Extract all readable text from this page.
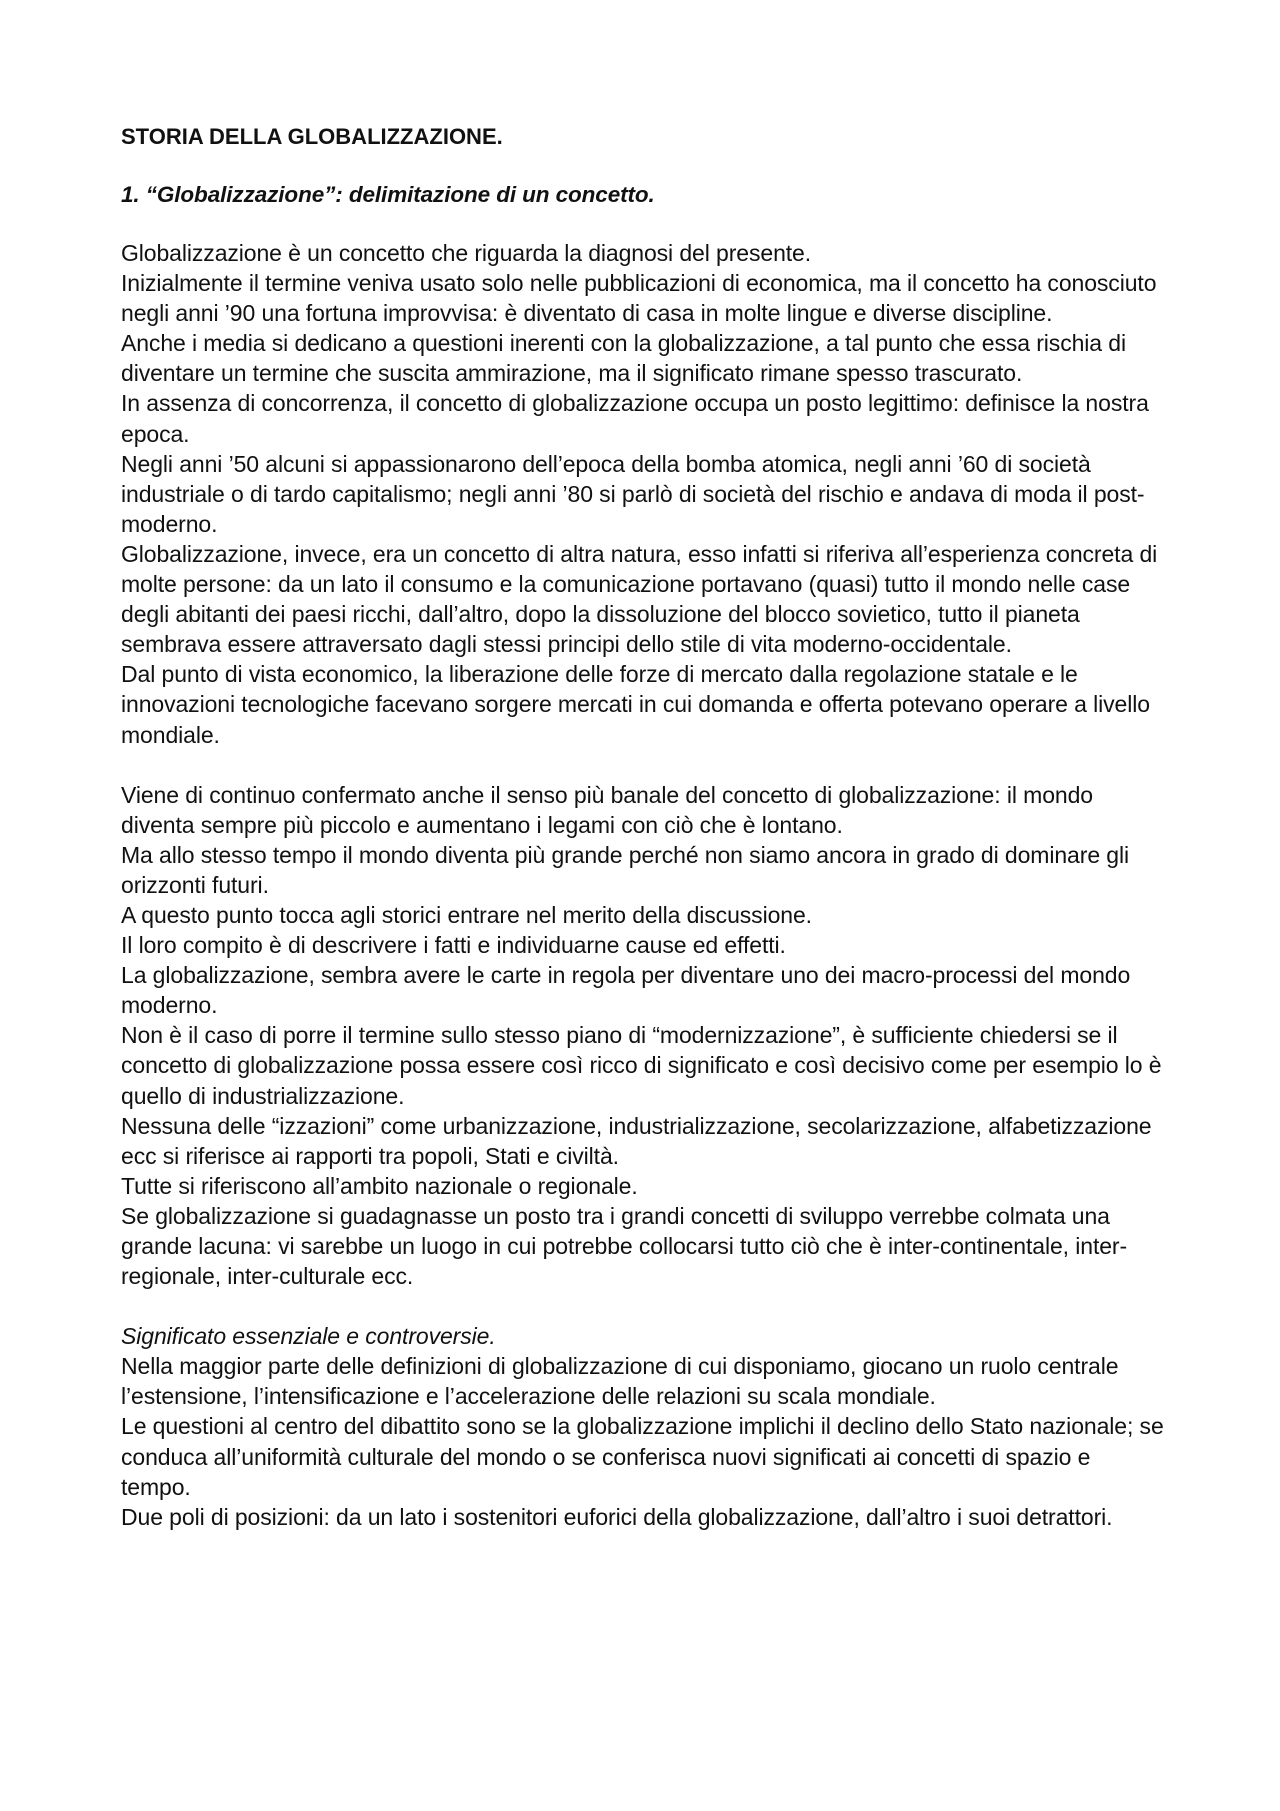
STORIA DELLA GLOBALIZZAZIONE.
1. “Globalizzazione”: delimitazione di un concetto.

Globalizzazione è un concetto che riguarda la diagnosi del presente.

Inizialmente il termine veniva usato solo nelle pubblicazioni di economica, ma il concetto ha conosciuto negli anni ’90 una fortuna improvvisa: è diventato di casa in molte lingue e diverse discipline.

Anche i media si dedicano a questioni inerenti con la globalizzazione, a tal punto che essa rischia di diventare un termine che suscita ammirazione, ma il significato rimane spesso trascurato.

In assenza di concorrenza, il concetto di globalizzazione occupa un posto legittimo: definisce la nostra epoca.

Negli anni ’50 alcuni si appassionarono dell’epoca della bomba atomica, negli anni ’60 di società industriale o di tardo capitalismo; negli anni ’80 si parlò di società del rischio e andava di moda il post-moderno.

Globalizzazione, invece, era un concetto di altra natura, esso infatti si riferiva all’esperienza concreta di molte persone: da un lato il consumo e la comunicazione portavano (quasi) tutto il mondo nelle case degli abitanti dei paesi ricchi, dall’altro, dopo la dissoluzione del blocco sovietico, tutto il pianeta sembrava essere attraversato dagli stessi principi dello stile di vita moderno-occidentale.

Dal punto di vista economico, la liberazione delle forze di mercato dalla regolazione statale e le innovazioni tecnologiche facevano sorgere mercati in cui domanda e offerta potevano operare a livello mondiale.

Viene di continuo confermato anche il senso più banale del concetto di globalizzazione: il mondo diventa sempre più piccolo e aumentano i legami con ciò che è lontano.

Ma allo stesso tempo il mondo diventa più grande perché non siamo ancora in grado di dominare gli orizzonti futuri.

A questo punto tocca agli storici entrare nel merito della discussione.

Il loro compito è di descrivere i fatti e individuarne cause ed effetti.

La globalizzazione, sembra avere le carte in regola per diventare uno dei macro-processi del mondo moderno.

Non è il caso di porre il termine sullo stesso piano di “modernizzazione”, è sufficiente chiedersi se il concetto di globalizzazione possa essere così ricco di significato e così decisivo come per esempio lo è quello di industrializzazione.

Nessuna delle “izzazioni” come urbanizzazione, industrializzazione, secolarizzazione, alfabetizzazione ecc si riferisce ai rapporti tra popoli, Stati e civiltà.

Tutte si riferiscono all’ambito nazionale o regionale.

Se globalizzazione si guadagnasse un posto tra i grandi concetti di sviluppo verrebbe colmata una grande lacuna: vi sarebbe un luogo in cui potrebbe collocarsi tutto ciò che è inter-continentale, inter-regionale, inter-culturale ecc.

Significato essenziale e controversie.

Nella maggior parte delle definizioni di globalizzazione di cui disponiamo, giocano un ruolo centrale l’estensione, l’intensificazione e l’accelerazione delle relazioni su scala mondiale.

Le questioni al centro del dibattito sono se la globalizzazione implichi il declino dello Stato nazionale; se conduca all’uniformità culturale del mondo o se conferisca nuovi significati ai concetti di spazio e tempo.

Due poli di posizioni: da un lato i sostenitori euforici della globalizzazione, dall’altro i suoi detrattori.
